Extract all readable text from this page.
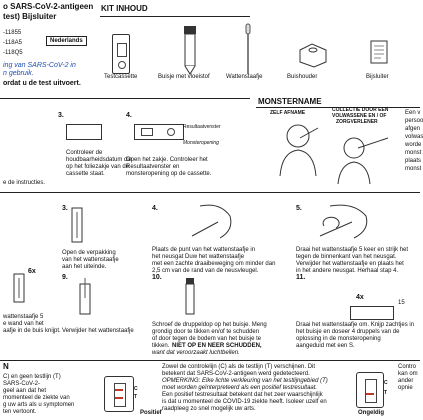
o SARS-CoV-2-antigeen
test) Bijsluiter
-11855
-118A5
-118Q5
Nederlands
ing van SARS-CoV-2 in
n gebruik.
ordat u de test uitvoert.
KIT INHOUD
Testcassette	Buisje met vloeistof	Wattenstaafje	Buishouder	Bijsluiter
3.
Controleer de
houdbaarheidsdatum die
op het foliezakje van de
cassette staat.
4.
Resultaatvenster
Monsteropening
Open het zakje. Controleer het
Resultaatvenster en
monsteropening op de cassette.
e de instructies.
MONSTERNAME
ZELF AFNAME	COLLECTIE DOOR EEN
VOLWASSENE EN / OF
ZORGVERLENER
Een v
persoo
afgen
volwas
worde
monst
plaats
monst
3.
Open de verpakking
van het wattenstaafje
aan het uiteinde.
4.
Plaats de punt van het wattenstaafje in
het neusgat Duw het wattenstaafje
met een zachte draaibeweging om minder dan
2,5 cm van de rand van de neusvleugel.
5.
Draai het wattenstaafje 5 keer en strijk het
tegen de binnenkant van het neusgat.
Verwijder het wattenstaafje en plaats het
in het andere neusgat. Herhaal stap 4.
6x
wattenstaafje 5
e wand van het
aafje in de buis knijpt.
9.
Verwijder het wattenstaafje
10.
Schroef de druppeldop op het buisje. Meng
grondig door te tikken en/of te schudden
of door tegen de bodem van het buisje te
tikken. NIET OP EN NEER SCHUDDEN,
want dat veroorzaakt luchtbellen.
11.
4x
15
Draai het wattenstaafje om. Knijp zachtjes in
het buisje en doseer 4 druppels van de
oplossing in de monsteropening
aangeduid met een S.
N
C) en geen testlijn (T)
SARS-CoV-2-
geel aan dat het
momenteel de ziekte van
g uw arts als u symptomen
ten vertoont.
C
T
Positief
Zowel de controlelijn (C) als de testlijn (T) verschijnen. Dit
betekent dat SARS-CoV-2-antigeen werd gedetecteerd.
OPMERKING: Elke lichte verkleuring van het testlijngebied (T)
moet worden geïnterpreteerd als een positief testresultaat.
Een positief testresultaat betekent dat het zeer waarschijnlijk
is dat u momenteel de COVID-19 ziekte heeft. Isoleer uzelf en
raadpleeg zo snel mogelijk uw arts.
C
T
Ongeldig
Contro
kan om
ander
opnie
